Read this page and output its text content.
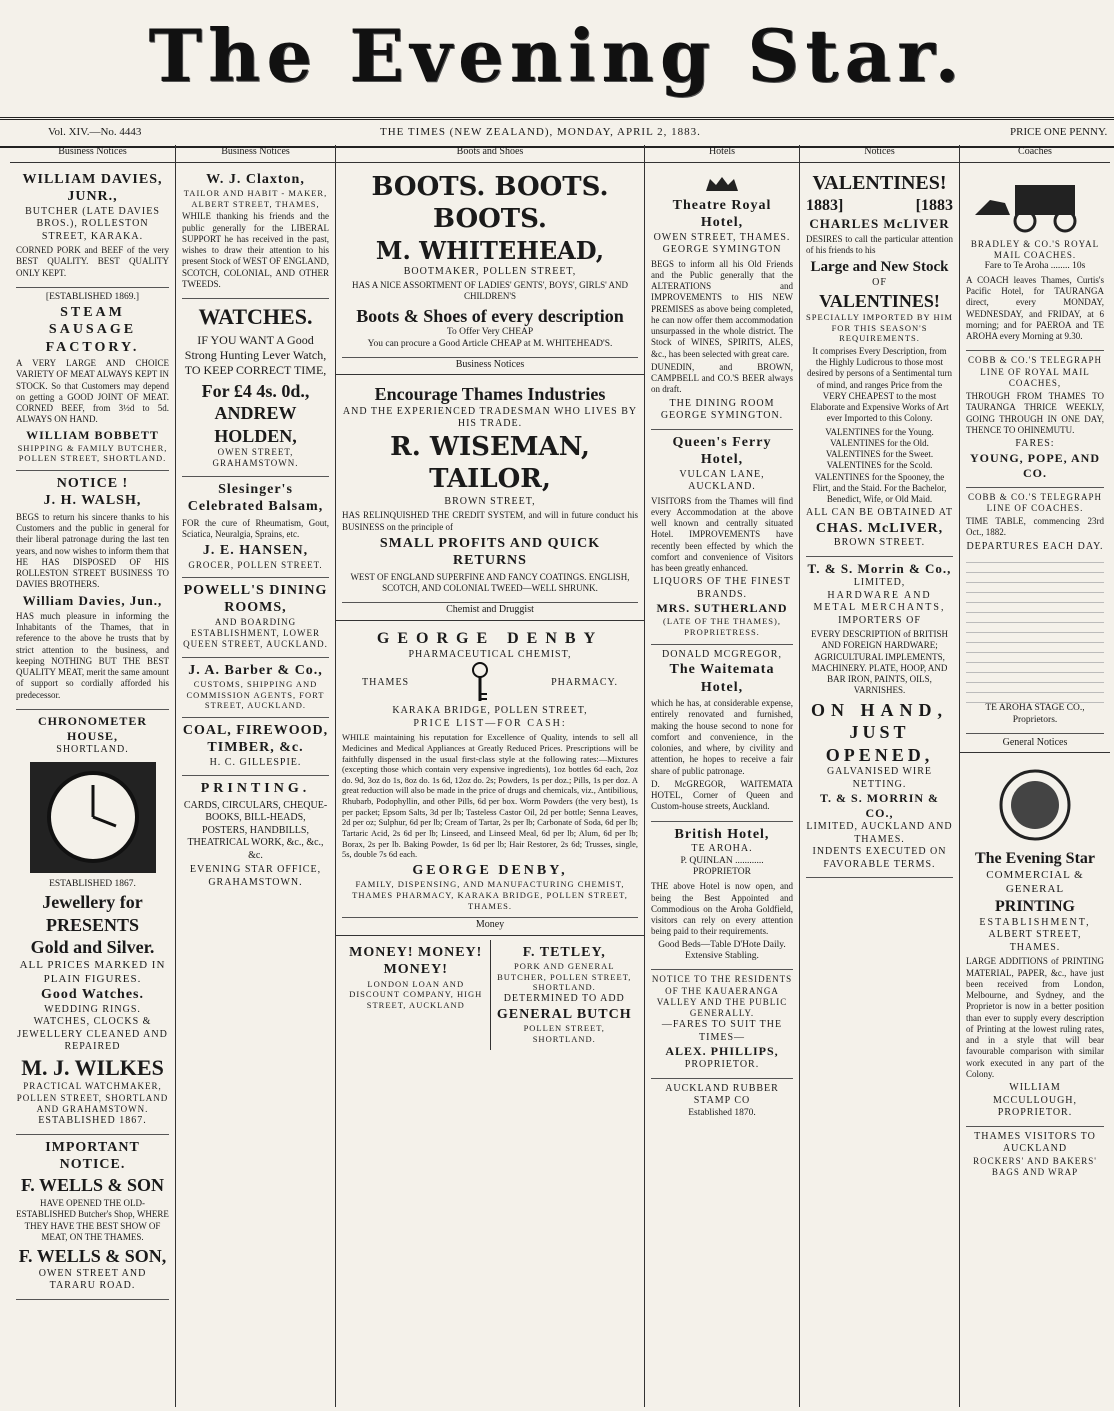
The Evening Star.
Vol. XIV.—No. 4443	THE TIMES (NEW ZEALAND), MONDAY, APRIL 2, 1883.	PRICE ONE PENNY.
Business Notices
WILLIAM DAVIES, JUNR.,
BUTCHER (LATE DAVIES BROS.), ROLLESTON STREET, KARAKA.

CORNED PORK and BEEF of the very BEST QUALITY. BEST QUALITY ONLY KEPT.

[ESTABLISHED 1869.]
STEAM SAUSAGE FACTORY.

A VERY LARGE AND CHOICE VARIETY OF MEAT ALWAYS KEPT IN STOCK. So that Customers may depend on getting a GOOD JOINT OF MEAT. CORNED BEEF, from 3½d to 5d. ALWAYS ON HAND.

WILLIAM BOBBETT
SHIPPING & FAMILY BUTCHER, POLLEN STREET, SHORTLAND.
NOTICE !
J. H. WALSH,

BEGS to return his sincere thanks to his Customers and the public in general for their liberal patronage during the last ten years, and now wishes to inform them that HE HAS DISPOSED OF HIS ROLLESTON STREET BUSINESS TO DAVIES BROTHERS.

William Davies, Jun.,

HAS much pleasure in informing the Inhabitants of the Thames, that in reference to the above he trusts that by strict attention to the business, and keeping NOTHING BUT THE BEST QUALITY MEAT, merit the same amount of support so cordially afforded his predecessor.

CHRONOMETER HOUSE,
SHORTLAND.
ESTABLISHED 1867.
Jewellery for PRESENTS
Gold and Silver.
ALL PRICES MARKED IN PLAIN FIGURES.
Good Watches.
WEDDING RINGS.
WATCHES, CLOCKS & JEWELLERY CLEANED AND REPAIRED
M. J. WILKES
PRACTICAL WATCHMAKER, POLLEN STREET, SHORTLAND AND GRAHAMSTOWN.
ESTABLISHED 1867.
IMPORTANT NOTICE.
F. WELLS & SON

HAVE OPENED THE OLD-ESTABLISHED Butcher's Shop, WHERE THEY HAVE THE BEST SHOW OF MEAT, ON THE THAMES.

F. WELLS & SON,
OWEN STREET AND TARARU ROAD.
Business Notices
W. J. Claxton,
TAILOR AND HABIT - MAKER, ALBERT STREET, THAMES,

WHILE thanking his friends and the public generally for the LIBERAL SUPPORT he has received in the past, wishes to draw their attention to his present Stock of WEST OF ENGLAND, SCOTCH, COLONIAL, AND OTHER TWEEDS.

WATCHES.

IF YOU WANT A Good Strong Hunting Lever Watch, TO KEEP CORRECT TIME,

For £4 4s. 0d.,
ANDREW HOLDEN,
OWEN STREET, GRAHAMSTOWN.
Slesinger's Celebrated Balsam,

FOR the cure of Rheumatism, Gout, Sciatica, Neuralgia, Sprains, etc.

J. E. HANSEN,
GROCER, POLLEN STREET.
POWELL'S DINING ROOMS,
AND BOARDING ESTABLISHMENT, LOWER QUEEN STREET, AUCKLAND.
J. A. Barber & Co.,
CUSTOMS, SHIPPING AND COMMISSION AGENTS, FORT STREET, AUCKLAND.
COAL, FIREWOOD, TIMBER, &c.
H. C. GILLESPIE.
PRINTING.

CARDS, CIRCULARS, CHEQUE-BOOKS, BILL-HEADS, POSTERS, HANDBILLS, THEATRICAL WORK, &c., &c., &c.

EVENING STAR OFFICE, GRAHAMSTOWN.
Boots and Shoes
BOOTS. BOOTS. BOOTS.
M. WHITEHEAD,
BOOTMAKER, POLLEN STREET,

HAS A NICE ASSORTMENT OF LADIES' GENTS', BOYS', GIRLS' AND CHILDREN'S

Boots & Shoes of every description
To Offer Very CHEAP
You can procure a Good Article CHEAP at M. WHITEHEAD'S.
Business Notices
Encourage Thames Industries
AND THE EXPERIENCED TRADESMAN WHO LIVES BY HIS TRADE.
R. WISEMAN, TAILOR,
BROWN STREET,

HAS RELINQUISHED THE CREDIT SYSTEM, and will in future conduct his BUSINESS on the principle of

SMALL PROFITS AND QUICK RETURNS

WEST OF ENGLAND SUPERFINE AND FANCY COATINGS. ENGLISH, SCOTCH, AND COLONIAL TWEED—WELL SHRUNK.

Chemist and Druggist
GEORGE DENBY
PHARMACEUTICAL CHEMIST,
THAMES	PHARMACY.
KARAKA BRIDGE, POLLEN STREET,
PRICE LIST—FOR CASH:

WHILE maintaining his reputation for Excellence of Quality, intends to sell all Medicines and Medical Appliances at Greatly Reduced Prices. Prescriptions will be faithfully dispensed in the usual first-class style at the following rates:—Mixtures (excepting those which contain very expensive ingredients), 1oz bottles 6d each, 2oz do. 9d, 3oz do 1s, 8oz do. 1s 6d, 12oz do. 2s; Powders, 1s per doz.; Pills, 1s per doz. A great reduction will also be made in the price of drugs and chemicals, viz., Antibilious, Rhubarb, Podophyllin, and other Pills, 6d per box. Worm Powders (the very best), 1s per packet; Epsom Salts, 3d per lb; Tasteless Castor Oil, 2d per bottle; Senna Leaves, 2d per oz; Sulphur, 6d per lb; Cream of Tartar, 2s per lb; Carbonate of Soda, 6d per lb; Tartaric Acid, 2s 6d per lb; Linseed, and Linseed Meal, 6d per lb; Alum, 6d per lb; Borax, 2s per lb. Baking Powder, 1s 6d per lb; Hair Restorer, 2s 6d; Trusses, single, 5s, double 7s 6d each.

GEORGE DENBY,
FAMILY, DISPENSING, AND MANUFACTURING CHEMIST, THAMES PHARMACY, KARAKA BRIDGE, POLLEN STREET, THAMES.
Money
MONEY! MONEY! MONEY!
LONDON LOAN AND DISCOUNT COMPANY, HIGH STREET, AUCKLAND
F. TETLEY,
PORK AND GENERAL BUTCHER, POLLEN STREET, SHORTLAND.
DETERMINED TO ADD
GENERAL BUTCH
POLLEN STREET, SHORTLAND.
Hotels
Theatre Royal Hotel,
OWEN STREET, THAMES.
GEORGE SYMINGTON

BEGS to inform all his Old Friends and the Public generally that the ALTERATIONS and IMPROVEMENTS to HIS NEW PREMISES as above being completed, he can now offer them accommodation unsurpassed in the whole district. The Stock of WINES, SPIRITS, ALES, &c., has been selected with great care.

DUNEDIN, and BROWN, CAMPBELL and CO.'S BEER always on draft.

THE DINING ROOM
GEORGE SYMINGTON.
Queen's Ferry Hotel,
VULCAN LANE, AUCKLAND.

VISITORS from the Thames will find every Accommodation at the above well known and centrally situated Hotel. IMPROVEMENTS have recently been effected by which the comfort and convenience of Visitors has been greatly enhanced.

LIQUORS OF THE FINEST BRANDS.
MRS. SUTHERLAND
(LATE OF THE THAMES), PROPRIETRESS.
DONALD MCGREGOR,
The Waitemata Hotel,

which he has, at considerable expense, entirely renovated and furnished, making the house second to none for comfort and convenience, in the colonies, and where, by civility and attention, he hopes to receive a fair share of public patronage.

D. McGREGOR, WAITEMATA HOTEL, Corner of Queen and Custom-house streets, Auckland.

British Hotel,
TE AROHA.
P. QUINLAN ............ PROPRIETOR

THE above Hotel is now open, and being the Best Appointed and Commodious on the Aroha Goldfield, visitors can rely on every attention being paid to their requirements.

Good Beds—Table D'Hote Daily.
Extensive Stabling.
NOTICE TO THE RESIDENTS OF THE KAUAERANGA VALLEY AND THE PUBLIC GENERALLY.
—FARES TO SUIT THE TIMES—
ALEX. PHILLIPS,
PROPRIETOR.
AUCKLAND RUBBER STAMP CO
Established 1870.
Notices
VALENTINES!
1883]	[1883
CHARLES McLIVER

DESIRES to call the particular attention of his friends to his

Large and New Stock
OF
VALENTINES!
SPECIALLY IMPORTED BY HIM FOR THIS SEASON'S REQUIREMENTS.

It comprises Every Description, from the Highly Ludicrous to those most desired by persons of a Sentimental turn of mind, and ranges Price from the VERY CHEAPEST to the most Elaborate and Expensive Works of Art ever Imported to this Colony.

VALENTINES for the Young. VALENTINES for the Old. VALENTINES for the Sweet. VALENTINES for the Scold. VALENTINES for the Spooney, the Flirt, and the Staid. For the Bachelor, Benedict, Wife, or Old Maid.

ALL CAN BE OBTAINED AT
CHAS. McLIVER,
BROWN STREET.
T. & S. Morrin & Co.,
LIMITED,
HARDWARE AND METAL MERCHANTS,
IMPORTERS OF

EVERY DESCRIPTION of BRITISH AND FOREIGN HARDWARE; AGRICULTURAL IMPLEMENTS, MACHINERY. PLATE, HOOP, AND BAR IRON, PAINTS, OILS, VARNISHES.

ON HAND,
JUST OPENED,
GALVANISED WIRE NETTING.
T. & S. MORRIN & CO.,
LIMITED, AUCKLAND AND THAMES.
INDENTS EXECUTED ON FAVORABLE TERMS.
Coaches
BRADLEY & CO.'S ROYAL MAIL COACHES.
Fare to Te Aroha ........ 10s

A COACH leaves Thames, Curtis's Pacific Hotel, for TAURANGA direct, every MONDAY, WEDNESDAY, and FRIDAY, at 6 morning; and for PAEROA and TE AROHA every Morning at 9.30.

COBB & CO.'S TELEGRAPH LINE OF ROYAL MAIL COACHES,

THROUGH FROM THAMES TO TAURANGA THRICE WEEKLY, GOING THROUGH IN ONE DAY, THENCE TO OHINEMUTU.

FARES:
YOUNG, POPE, AND CO.
COBB & CO.'S TELEGRAPH LINE OF COACHES.

TIME TABLE, commencing 23rd Oct., 1882.

DEPARTURES EACH DAY.
TE AROHA STAGE CO., Proprietors.
General Notices
The Evening Star
COMMERCIAL & GENERAL
PRINTING
ESTABLISHMENT,
ALBERT STREET, THAMES.

LARGE ADDITIONS of PRINTING MATERIAL, PAPER, &c., have just been received from London, Melbourne, and Sydney, and the Proprietor is now in a better position than ever to supply every description of Printing at the lowest ruling rates, and in a style that will bear favourable comparison with similar work executed in any part of the Colony.

WILLIAM MCCULLOUGH,
PROPRIETOR.
THAMES VISITORS TO AUCKLAND
ROCKERS' AND BAKERS' BAGS AND WRAP
